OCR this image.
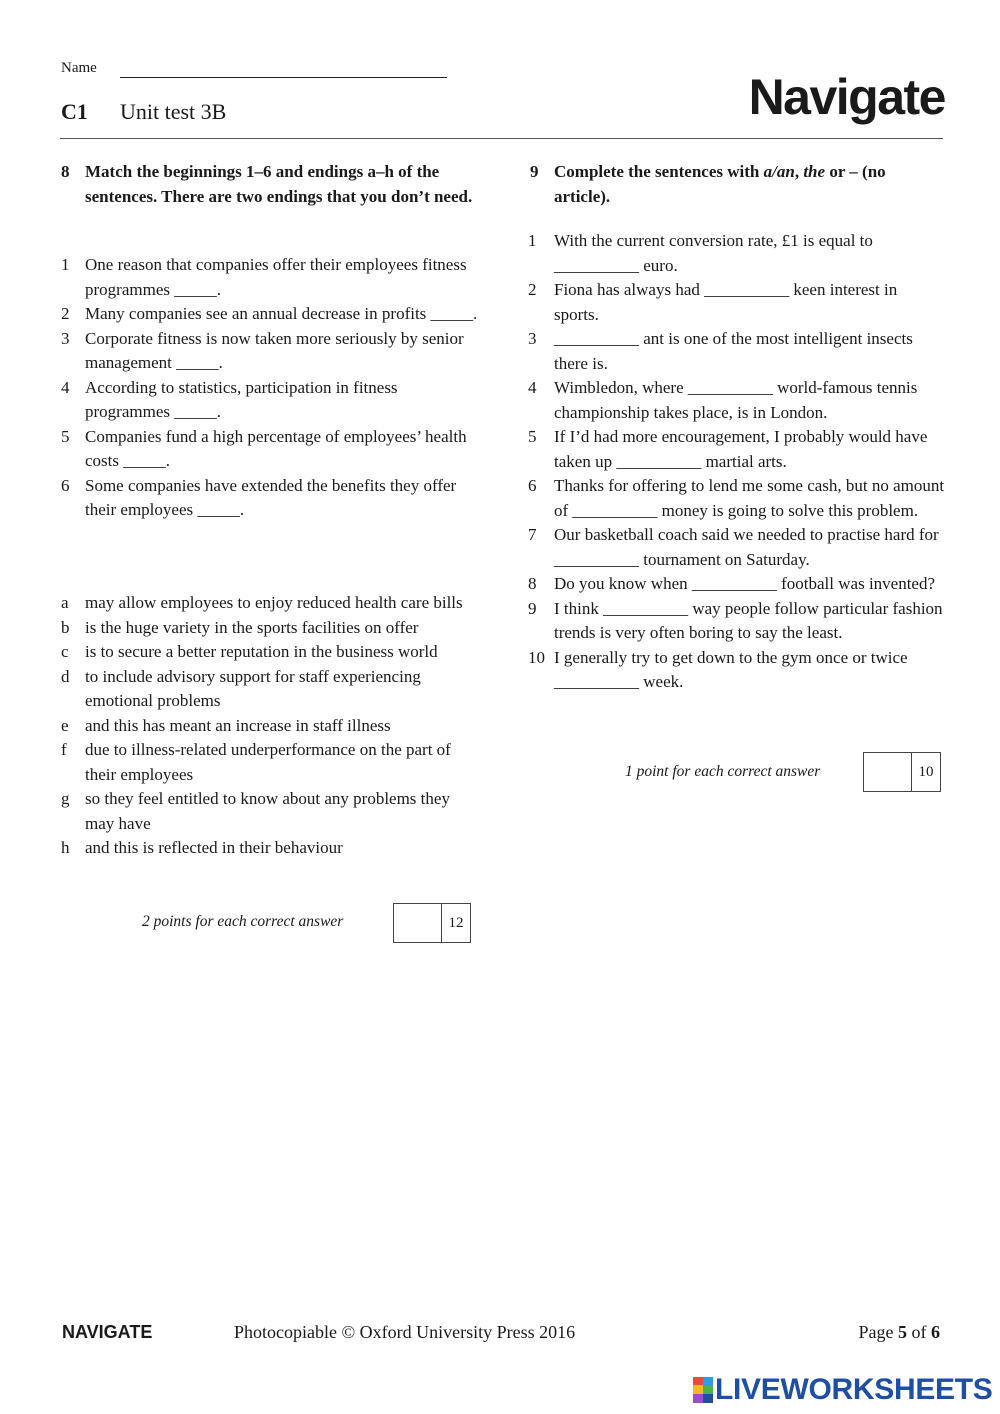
Name
C1 Unit test 3B	Navigate
8 Match the beginnings 1–6 and endings a–h of the sentences. There are two endings that you don’t need.
1 One reason that companies offer their employees fitness programmes _____.
2 Many companies see an annual decrease in profits _____.
3 Corporate fitness is now taken more seriously by senior management _____.
4 According to statistics, participation in fitness programmes _____.
5 Companies fund a high percentage of employees’ health costs _____.
6 Some companies have extended the benefits they offer their employees _____.
a may allow employees to enjoy reduced health care bills
b is the huge variety in the sports facilities on offer
c is to secure a better reputation in the business world
d to include advisory support for staff experiencing emotional problems
e and this has meant an increase in staff illness
f due to illness-related underperformance on the part of their employees
g so they feel entitled to know about any problems they may have
h and this is reflected in their behaviour
2 points for each correct answer	12
9 Complete the sentences with a/an, the or – (no article).
1 With the current conversion rate, £1 is equal to __________ euro.
2 Fiona has always had __________ keen interest in sports.
3 __________ ant is one of the most intelligent insects there is.
4 Wimbledon, where __________ world-famous tennis championship takes place, is in London.
5 If I’d had more encouragement, I probably would have taken up __________ martial arts.
6 Thanks for offering to lend me some cash, but no amount of __________ money is going to solve this problem.
7 Our basketball coach said we needed to practise hard for __________ tournament on Saturday.
8 Do you know when __________ football was invented?
9 I think __________ way people follow particular fashion trends is very often boring to say the least.
10 I generally try to get down to the gym once or twice __________ week.
1 point for each correct answer	10
NAVIGATE	Photocopiable © Oxford University Press 2016	Page 5 of 6
LIVEWORKSHEETS
